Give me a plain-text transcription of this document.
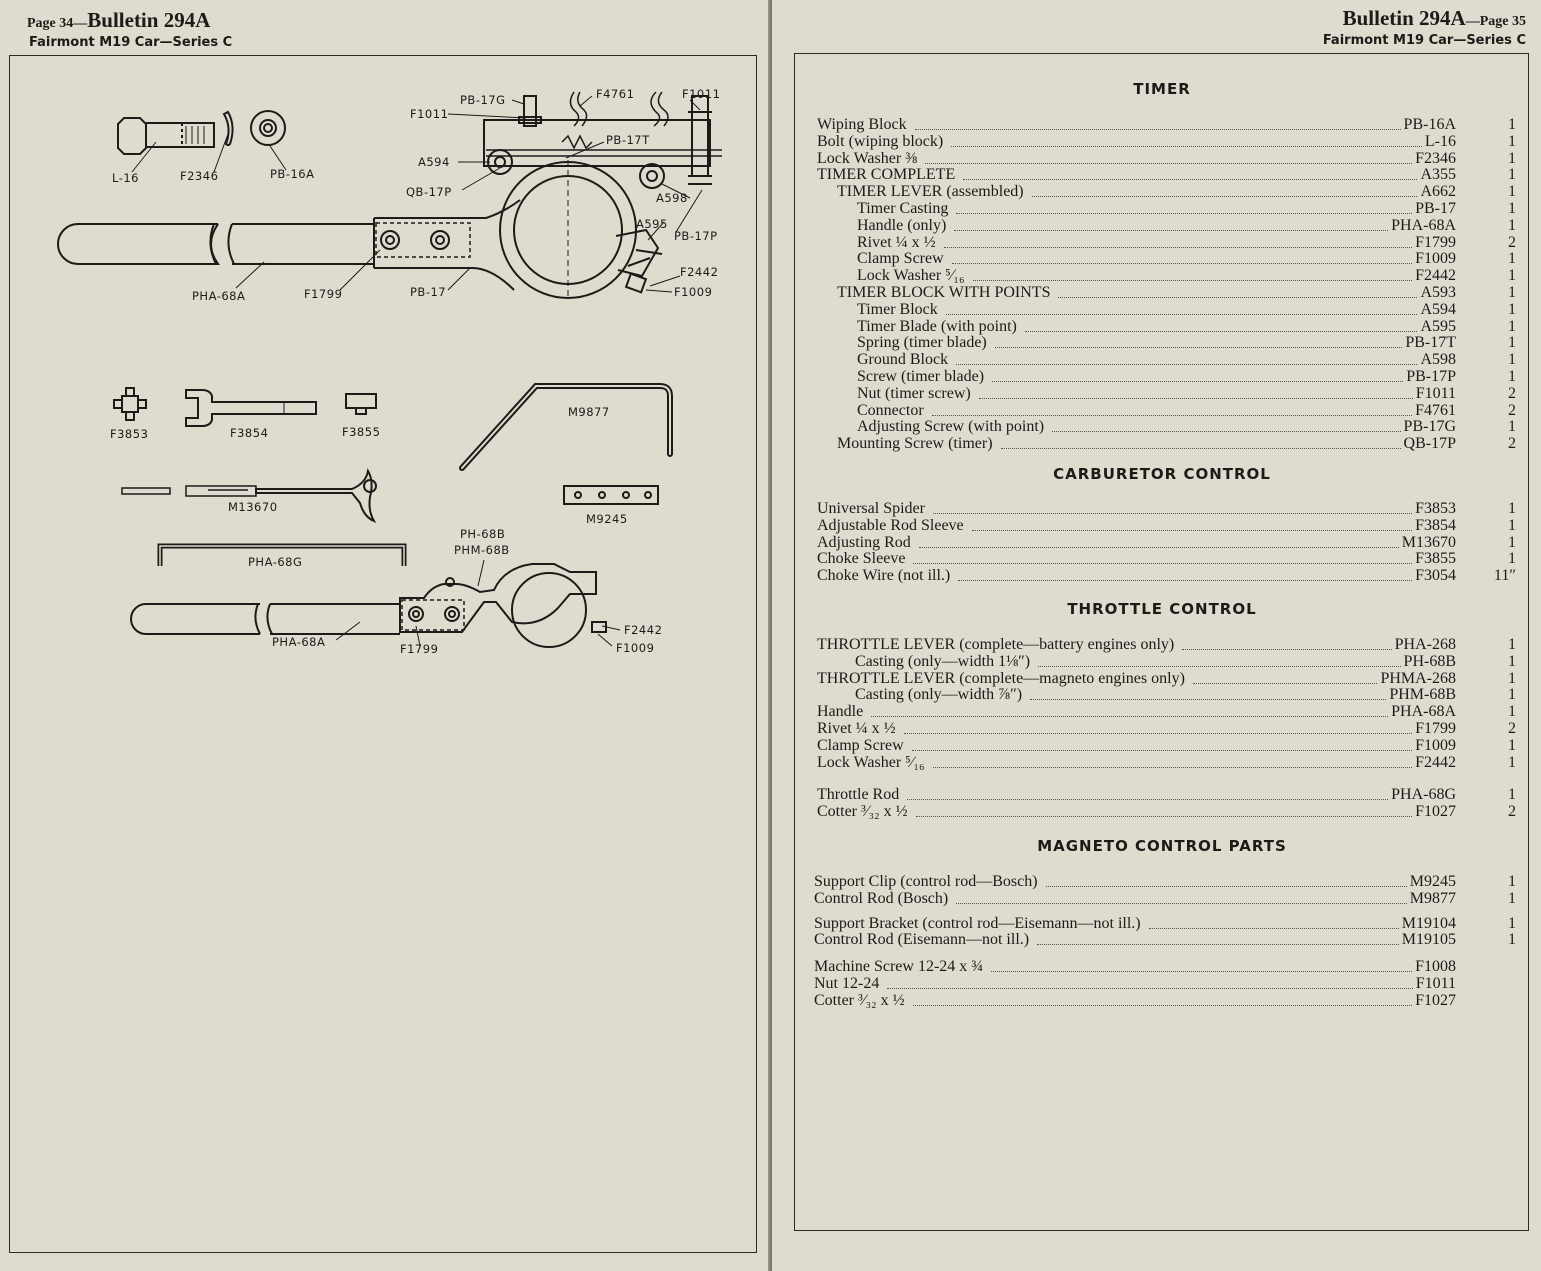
Page 34—Bulletin 294A
Fairmont M19 Car—Series C
L-16	F2346	PB-16A
F1011
PB-17G	F4761	F1011
PB-17T
A594
QB-17P	A598
A595
PB-17P
F2442
F1009
PHA-68A	F1799	PB-17
F3853	F3854	F3855
M9877
M13670
M9245
PH-68B
PHM-68B
PHA-68G
PHA-68A	F1799
F2442
F1009
Bulletin 294A—Page 35
Fairmont M19 Car—Series C
TIMER
Wiping Block	PB-16A	1
Bolt (wiping block)	L-16	1
Lock Washer ⅜	F2346	1
TIMER COMPLETE	A355	1
TIMER LEVER (assembled)	A662	1
Timer Casting	PB-17	1
Handle (only)	PHA-68A	1
Rivet ¼ x ½	F1799	2
Clamp Screw	F1009	1
Lock Washer ⁵⁄₁₆	F2442	1
TIMER BLOCK WITH POINTS	A593	1
Timer Block	A594	1
Timer Blade (with point)	A595	1
Spring (timer blade)	PB-17T	1
Ground Block	A598	1
Screw (timer blade)	PB-17P	1
Nut (timer screw)	F1011	2
Connector	F4761	2
Adjusting Screw (with point)	PB-17G	1
Mounting Screw (timer)	QB-17P	2
CARBURETOR CONTROL
Universal Spider	F3853	1
Adjustable Rod Sleeve	F3854	1
Adjusting Rod	M13670	1
Choke Sleeve	F3855	1
Choke Wire (not ill.)	F3054	11″
THROTTLE CONTROL
THROTTLE LEVER (complete—battery engines only)	PHA-268	1
Casting (only—width 1⅛″)	PH-68B	1
THROTTLE LEVER (complete—magneto engines only)	PHMA-268	1
Casting (only—width ⅞″)	PHM-68B	1
Handle	PHA-68A	1
Rivet ¼ x ½	F1799	2
Clamp Screw	F1009	1
Lock Washer ⁵⁄₁₆	F2442	1
Throttle Rod	PHA-68G	1
Cotter ³⁄₃₂ x ½	F1027	2
MAGNETO CONTROL PARTS
Support Clip (control rod—Bosch)	M9245	1
Control Rod (Bosch)	M9877	1
Support Bracket (control rod—Eisemann—not ill.)	M19104	1
Control Rod (Eisemann—not ill.)	M19105	1
Machine Screw 12-24 x ¾	F1008
Nut 12-24	F1011
Cotter ³⁄₃₂ x ½	F1027
